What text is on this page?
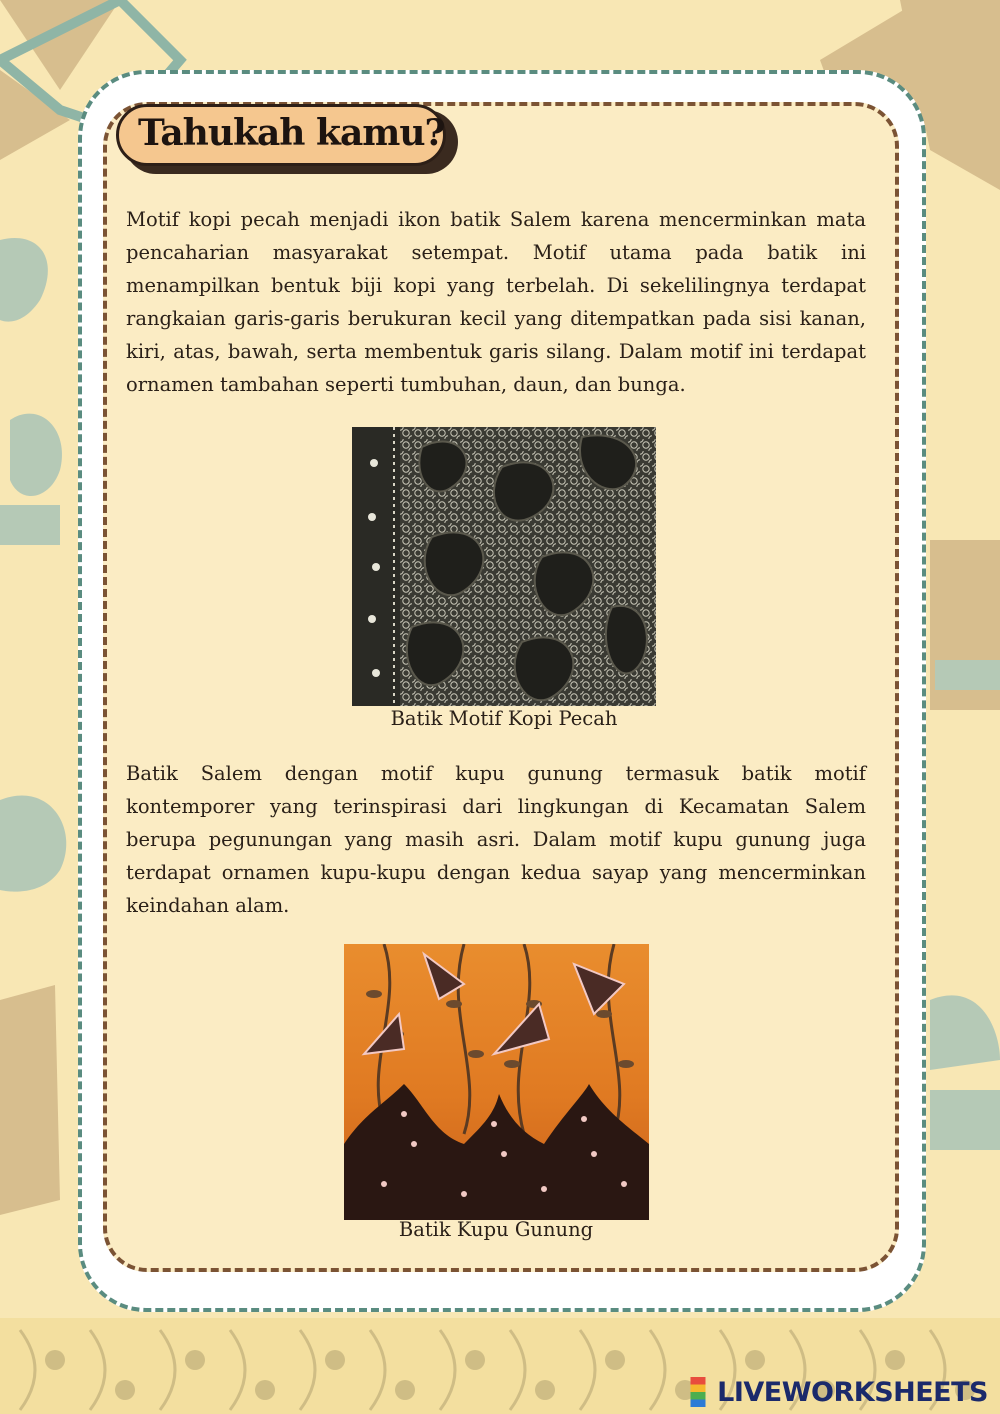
Tahukah kamu?

Motif kopi pecah menjadi ikon batik Salem karena mencerminkan mata pencaharian masyarakat setempat. Motif utama pada batik ini menampilkan bentuk biji kopi yang terbelah. Di sekelilingnya terdapat rangkaian garis-garis berukuran kecil yang ditempatkan pada sisi kanan, kiri, atas, bawah, serta membentuk garis silang. Dalam motif ini terdapat ornamen tambahan seperti tumbuhan, daun, dan bunga.

Batik Motif Kopi Pecah

Batik Salem dengan motif kupu gunung termasuk batik motif kontemporer yang terinspirasi dari lingkungan di Kecamatan Salem berupa pegunungan yang masih asri. Dalam motif kupu gunung juga terdapat ornamen kupu-kupu dengan kedua sayap yang mencerminkan keindahan alam.

Batik Kupu Gunung
LIVEWORKSHEETS
